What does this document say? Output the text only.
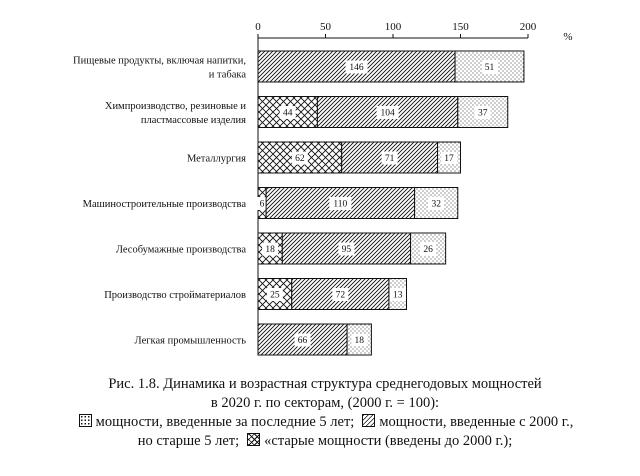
0	50	100	150	200
%
146	51
44	104	37
62	71	17
6	110	32
18	95	26
25	72	13
66	18
Пищевые продукты, включая напитки,
и табака
Химпроизводство, резиновые и
пластмассовые изделия
Металлургия
Машиностроительные производства
Лесобумажные производства
Производство стройматериалов
Легкая промышленность
Рис. 1.8. Динамика и возрастная структура среднегодовых мощностей
в 2020 г. по секторам, (2000 г. = 100):
мощности, введенные за последние 5 лет; мощности, введенные с 2000 г.,
но старше 5 лет; «старые мощности (введены до 2000 г.);
